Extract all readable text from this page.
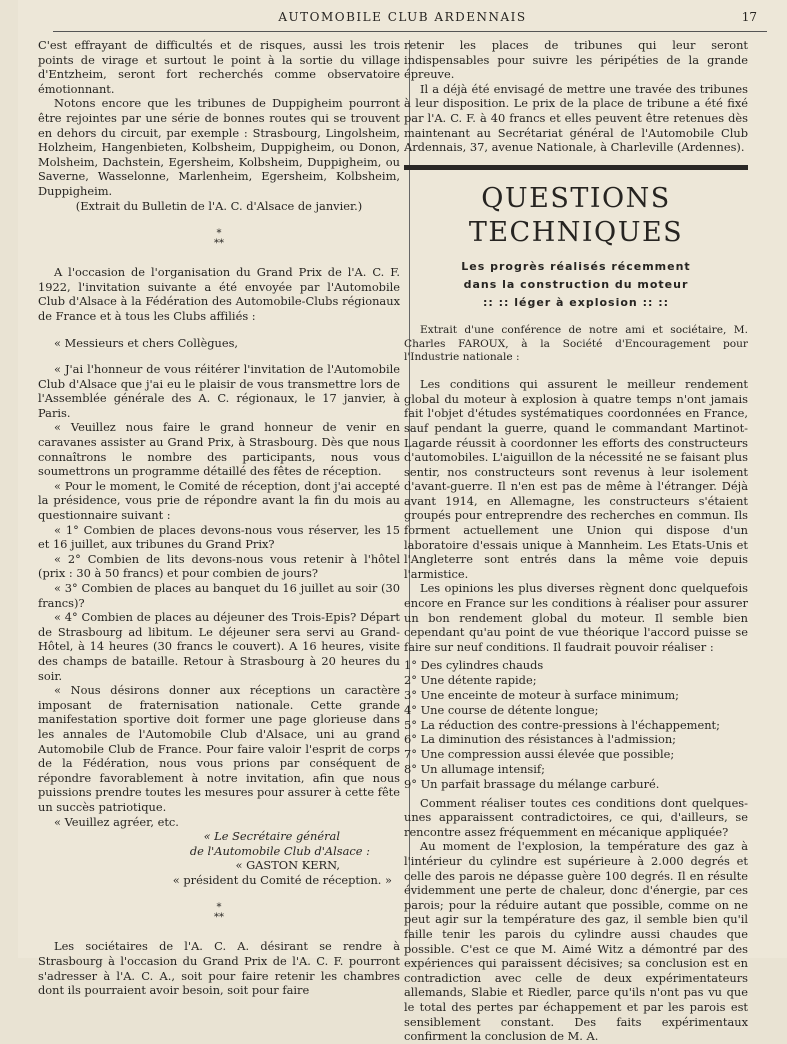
AUTOMOBILE CLUB ARDENNAIS	17

C'est effrayant de difficultés et de risques, aussi les trois points de virage et surtout le point à la sortie du village d'Entzheim, seront fort recherchés comme observatoire émotionnant.

Notons encore que les tribunes de Duppigheim pourront être rejointes par une série de bonnes routes qui se trouvent en dehors du circuit, par exemple : Strasbourg, Lingolsheim, Holzheim, Hangenbieten, Kolbsheim, Duppigheim, ou Donon, Molsheim, Dachstein, Egersheim, Kolbsheim, Duppigheim, ou Saverne, Wasselonne, Marlenheim, Egersheim, Kolbsheim, Duppigheim.

(Extrait du Bulletin de l'A. C. d'Alsace de janvier.)

*
**

A l'occasion de l'organisation du Grand Prix de l'A. C. F. 1922, l'invitation suivante a été envoyée par l'Automobile Club d'Alsace à la Fédération des Automobile-Clubs régionaux de France et à tous les Clubs affiliés :

« Messieurs et chers Collègues,

« J'ai l'honneur de vous réitérer l'invitation de l'Automobile Club d'Alsace que j'ai eu le plaisir de vous transmettre lors de l'Assemblée générale des A. C. régionaux, le 17 janvier, à Paris.

« Veuillez nous faire le grand honneur de venir en caravanes assister au Grand Prix, à Strasbourg. Dès que nous connaîtrons le nombre des participants, nous vous soumettrons un programme détaillé des fêtes de réception.

« Pour le moment, le Comité de réception, dont j'ai accepté la présidence, vous prie de répondre avant la fin du mois au questionnaire suivant :

« 1° Combien de places devons-nous vous réserver, les 15 et 16 juillet, aux tribunes du Grand Prix?

« 2° Combien de lits devons-nous vous retenir à l'hôtel (prix : 30 à 50 francs) et pour combien de jours?

« 3° Combien de places au banquet du 16 juillet au soir (30 francs)?

« 4° Combien de places au déjeuner des Trois-Epis? Départ de Strasbourg ad libitum. Le déjeuner sera servi au Grand-Hôtel, à 14 heures (30 francs le couvert). A 16 heures, visite des champs de bataille. Retour à Strasbourg à 20 heures du soir.

« Nous désirons donner aux réceptions un caractère imposant de fraternisation nationale. Cette grande manifestation sportive doit former une page glorieuse dans les annales de l'Automobile Club d'Alsace, uni au grand Automobile Club de France. Pour faire valoir l'esprit de corps de la Fédération, nous vous prions par conséquent de répondre favorablement à notre invitation, afin que nous puissions prendre toutes les mesures pour assurer à cette fête un succès patriotique.

« Veuillez agréer, etc.

« Le Secrétaire général

de l'Automobile Club d'Alsace :

« GASTON KERN,

« président du Comité de réception. »

*
**

Les sociétaires de l'A. C. A. désirant se rendre à Strasbourg à l'occasion du Grand Prix de l'A. C. F. pourront s'adresser à l'A. C. A., soit pour faire retenir les chambres dont ils pourraient avoir besoin, soit pour faire

retenir les places de tribunes qui leur seront indispensables pour suivre les péripéties de la grande épreuve.

Il a déjà été envisagé de mettre une travée des tribunes à leur disposition. Le prix de la place de tribune a été fixé par l'A. C. F. à 40 francs et elles peuvent être retenues dès maintenant au Secrétariat général de l'Automobile Club Ardennais, 37, avenue Nationale, à Charleville (Ardennes).

QUESTIONS TECHNIQUES
Les progrès réalisés récemment
dans la construction du moteur
:: :: léger à explosion :: ::

Extrait d'une conférence de notre ami et sociétaire, M. Charles FAROUX, à la Société d'Encouragement pour l'Industrie nationale :

Les conditions qui assurent le meilleur rendement global du moteur à explosion à quatre temps n'ont jamais fait l'objet d'études systématiques coordonnées en France, sauf pendant la guerre, quand le commandant Martinot-Lagarde réussit à coordonner les efforts des constructeurs d'automobiles. L'aiguillon de la nécessité ne se faisant plus sentir, nos constructeurs sont revenus à leur isolement d'avant-guerre. Il n'en est pas de même à l'étranger. Déjà avant 1914, en Allemagne, les constructeurs s'étaient groupés pour entreprendre des recherches en commun. Ils forment actuellement une Union qui dispose d'un laboratoire d'essais unique à Mannheim. Les Etats-Unis et l'Angleterre sont entrés dans la même voie depuis l'armistice.

Les opinions les plus diverses règnent donc quelquefois encore en France sur les conditions à réaliser pour assurer un bon rendement global du moteur. Il semble bien cependant qu'au point de vue théorique l'accord puisse se faire sur neuf conditions. Il faudrait pouvoir réaliser :

1° Des cylindres chauds
2° Une détente rapide;
3° Une enceinte de moteur à surface minimum;
4° Une course de détente longue;
5° La réduction des contre-pressions à l'échappement;
6° La diminution des résistances à l'admission;
7° Une compression aussi élevée que possible;
8° Un allumage intensif;
9° Un parfait brassage du mélange carburé.

Comment réaliser toutes ces conditions dont quelques-unes apparaissent contradictoires, ce qui, d'ailleurs, se rencontre assez fréquemment en mécanique appliquée?

Au moment de l'explosion, la température des gaz à l'intérieur du cylindre est supérieure à 2.000 degrés et celle des parois ne dépasse guère 100 degrés. Il en résulte évidemment une perte de chaleur, donc d'énergie, par ces parois; pour la réduire autant que possible, comme on ne peut agir sur la température des gaz, il semble bien qu'il faille tenir les parois du cylindre aussi chaudes que possible. C'est ce que M. Aimé Witz a démontré par des expériences qui paraissent décisives; sa conclusion est en contradiction avec celle de deux expérimentateurs allemands, Slabie et Riedler, parce qu'ils n'ont pas vu que le total des pertes par échappement et par les parois est sensiblement constant. Des faits expérimentaux confirment la conclusion de M. A.
